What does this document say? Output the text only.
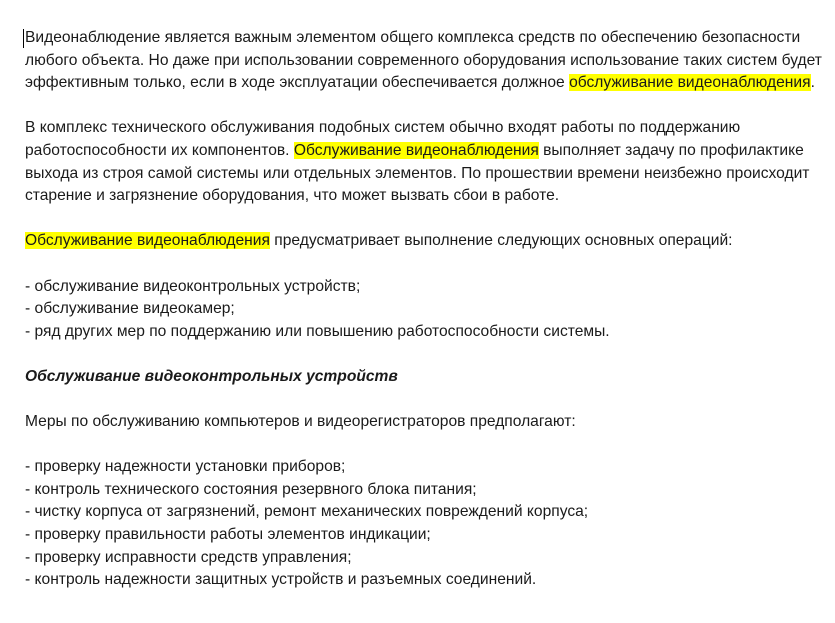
Видеонаблюдение является важным элементом общего комплекса средств по обеспечению безопасности любого объекта. Но даже при использовании современного оборудования использование таких систем будет эффективным только, если в ходе эксплуатации обеспечивается должное обслуживание видеонаблюдения.

В комплекс технического обслуживания подобных систем обычно входят работы по поддержанию работоспособности их компонентов. Обслуживание видеонаблюдения выполняет задачу по профилактике выхода из строя самой системы или отдельных элементов. По прошествии времени неизбежно происходит старение и загрязнение оборудования, что может вызвать сбои в работе.

Обслуживание видеонаблюдения предусматривает выполнение следующих основных операций:

- обслуживание видеоконтрольных устройств;

- обслуживание видеокамер;

- ряд других мер по поддержанию или повышению работоспособности системы.

Обслуживание видеоконтрольных устройств

Меры по обслуживанию компьютеров и видеорегистраторов предполагают:

- проверку надежности установки приборов;

- контроль технического состояния резервного блока питания;

- чистку корпуса от загрязнений, ремонт механических повреждений корпуса;

- проверку правильности работы элементов индикации;

- проверку исправности средств управления;

- контроль надежности защитных устройств и разъемных соединений.
